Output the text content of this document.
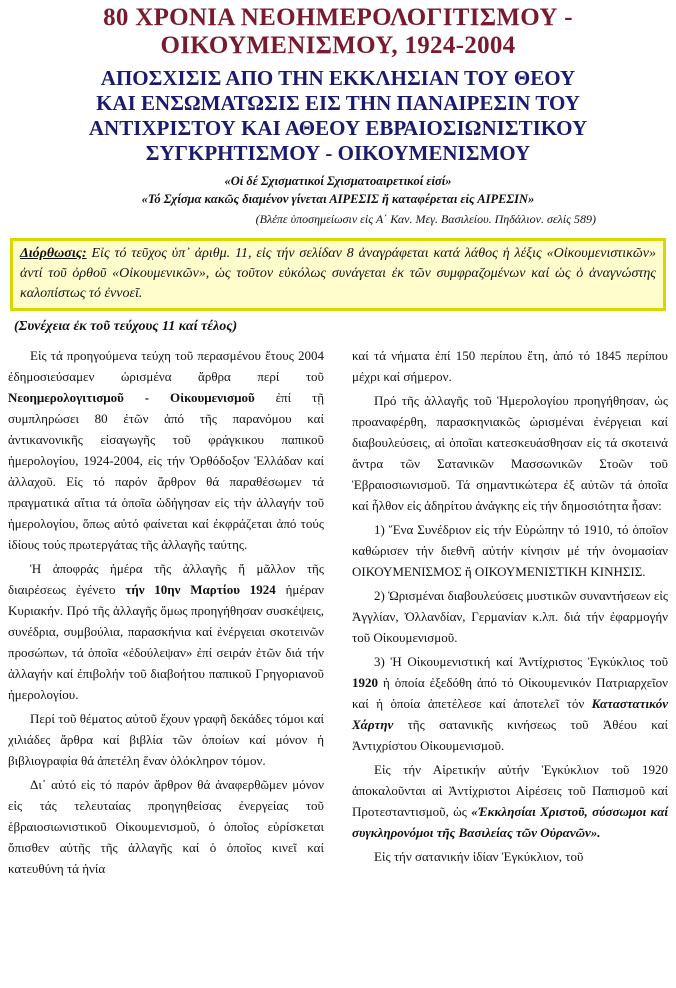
80 ΧΡΟΝΙΑ ΝΕΟΗΜΕΡΟΛΟΓΙΤΙΣΜΟΥ -
ΟΙΚΟΥΜΕΝΙΣΜΟΥ, 1924-2004
ΑΠΟΣΧΙΣΙΣ ΑΠΟ ΤΗΝ ΕΚΚΛΗΣΙΑΝ ΤΟΥ ΘΕΟΥ
ΚΑΙ ΕΝΣΩΜΑΤΩΣΙΣ ΕΙΣ ΤΗΝ ΠΑΝΑΙΡΕΣΙΝ ΤΟΥ
ΑΝΤΙΧΡΙΣΤΟΥ ΚΑΙ ΑΘΕΟΥ ΕΒΡΑΙΟΣΙΩΝΙΣΤΙΚΟΥ
ΣΥΓΚΡΗΤΙΣΜΟΥ - ΟΙΚΟΥΜΕΝΙΣΜΟΥ
«Οἱ δέ Σχισματικοί Σχισματοαιρετικοί εἰσί»
«Τό Σχίσμα κακῶς διαμένον γίνεται ΑΙΡΕΣΙΣ ἤ καταφέρεται εἰς ΑΙΡΕΣΙΝ»
(Βλέπε ὑποσημείωσιν εἰς Α΄ Καν. Μεγ. Βασιλείου. Πηδάλιον. σελίς 589)
Διόρθωσις: Εἰς τό τεῦχος ὑπ᾽ ἀριθμ. 11, εἰς τήν σελίδαν 8 ἀναγράφεται κατά λάθος ἡ λέξις «Οἰκουμενιστικῶν» ἀντί τοῦ ὀρθοῦ «Οἰκουμενικῶν», ὡς τοῦτον εὐκόλως συνάγεται ἐκ τῶν συμφραζομένων καί ὡς ὁ ἀναγνώστης καλοπίστως τό ἐννοεῖ.
(Συνέχεια ἐκ τοῦ τεύχους 11 καί τέλος)

Εἰς τά προηγούμενα τεύχη τοῦ περασμένου ἔτους 2004 ἐδημοσιεύσαμεν ὡρισμένα ἄρθρα περί τοῦ Νεοημερολογιτισμοῦ - Οἰκουμενισμοῦ ἐπί τῇ συμπληρώσει 80 ἐτῶν ἀπό τῆς παρανόμου καί ἀντικανονικῆς εἰσαγωγῆς τοῦ φράγκικου παπικοῦ ἡμερολογίου, 1924-2004, εἰς τήν Ὀρθόδοξον Ἑλλάδαν καί ἀλλαχοῦ. Εἰς τό παρόν ἄρθρον θά παραθέσωμεν τά πραγματικά αἴτια τά ὁποῖα ὡδήγησαν εἰς τήν ἀλλαγήν τοῦ ἡμερολογίου, ὅπως αὐτό φαίνεται καί ἐκφράζεται ἀπό τούς ἰδίους τούς πρωτεργάτας τῆς ἀλλαγῆς ταύτης.

Ἡ ἀποφράς ἡμέρα τῆς ἀλλαγῆς ἤ μᾶλλον τῆς διαιρέσεως ἐγένετο τήν 10ην Μαρτίου 1924 ἡμέραν Κυριακήν. Πρό τῆς ἀλλαγῆς ὅμως προηγήθησαν συσκέψεις, συνέδρια, συμβούλια, παρασκήνια καί ἐνέργειαι σκοτεινῶν προσώπων, τά ὁποῖα «ἐδούλεψαν» ἐπί σειράν ἐτῶν διά τήν ἀλλαγήν καί ἐπιβολήν τοῦ διαβοήτου παπικοῦ Γρηγοριανοῦ ἡμερολογίου.

Περί τοῦ θέματος αὐτοῦ ἔχουν γραφῆ δεκάδες τόμοι καί χιλιάδες ἄρθρα καί βιβλία τῶν ὁποίων καί μόνον ἡ βιβλιογραφία θά ἀπετέλη ἕναν ὁλόκληρον τόμον.

Δι᾽ αὐτό εἰς τό παρόν ἄρθρον θά ἀναφερθῶμεν μόνον εἰς τάς τελευταίας προηγηθείσας ἐνεργείας τοῦ ἑβραιοσιωνιστικοῦ Οἰκουμενισμοῦ, ὁ ὁποῖος εὑρίσκεται ὄπισθεν αὐτῆς τῆς ἀλλαγῆς καί ὁ ὁποῖος κινεῖ καί κατευθύνη τά ἡνία

καί τά νήματα ἐπί 150 περίπου ἔτη, ἀπό τό 1845 περίπου μέχρι καί σήμερον.

Πρό τῆς ἀλλαγῆς τοῦ Ἡμερολογίου προηγήθησαν, ὡς προαναφέρθη, παρασκηνιακῶς ὡρισμέναι ἐνέργειαι καί διαβουλεύσεις, αἱ ὁποῖαι κατεσκευάσθησαν εἰς τά σκοτεινά ἄντρα τῶν Σατανικῶν Μασσωνικῶν Στοῶν τοῦ Ἑβραιοσιωνισμοῦ. Τά σημαντικώτερα ἐξ αὐτῶν τά ὁποῖα καί ἦλθον εἰς ἀδηρίτου ἀνάγκης εἰς τήν δημοσιότητα ἦσαν:

1) Ἕνα Συνέδριον εἰς τήν Εὐρώπην τό 1910, τό ὁποῖον καθώρισεν τήν διεθνῆ αὐτήν κίνησιν μέ τήν ὀνομασίαν ΟΙΚΟΥΜΕΝΙΣΜΟΣ ἤ ΟΙΚΟΥΜΕΝΙΣΤΙΚΗ ΚΙΝΗΣΙΣ.

2) Ὡρισμέναι διαβουλεύσεις μυστικῶν συναντήσεων εἰς Ἀγγλίαν, Ὀλλανδίαν, Γερμανίαν κ.λπ. διά τήν ἐφαρμογήν τοῦ Οἰκουμενισμοῦ.

3) Ἡ Οἰκουμενιστική καί Ἀντίχριστος Ἐγκύκλιος τοῦ 1920 ἡ ὁποία ἐξεδόθη ἀπό τό Οἰκουμενικόν Πατριαρχεῖον καί ἡ ὁποία ἀπετέλεσε καί ἀποτελεῖ τόν Καταστατικόν Χάρτην τῆς σατανικῆς κινήσεως τοῦ Ἀθέου καί Ἀντιχρίστου Οἰκουμενισμοῦ.

Εἰς τήν Αἱρετικήν αὐτήν Ἐγκύκλιον τοῦ 1920 ἀποκαλοῦνται αἱ Ἀντίχριστοι Αἱρέσεις τοῦ Παπισμοῦ καί Προτεσταντισμοῦ, ὡς «Ἐκκλησίαι Χριστοῦ, σύσσωμοι καί συγκληρονόμοι τῆς Βασιλείας τῶν Οὐρανῶν».

Εἰς τήν σατανικήν ἰδίαν Ἐγκύκλιον, τοῦ
